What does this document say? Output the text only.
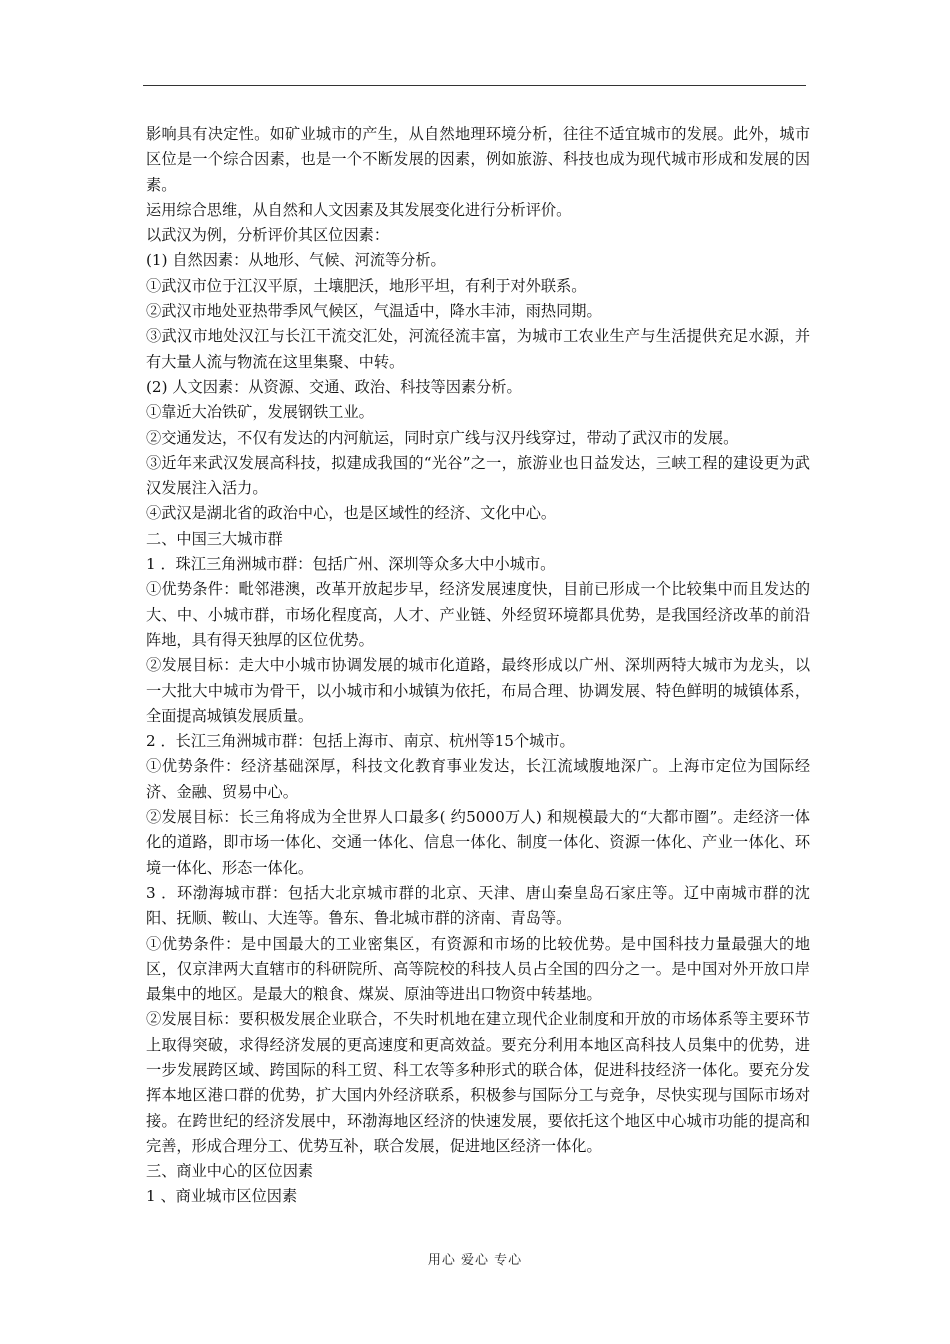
影响具有决定性。如矿业城市的产生，从自然地理环境分析，往往不适宜城市的发展。此外，城市区位是一个综合因素，也是一个不断发展的因素，例如旅游、科技也成为现代城市形成和发展的因素。

运用综合思维，从自然和人文因素及其发展变化进行分析评价。

以武汉为例，分析评价其区位因素：

(1) 自然因素：从地形、气候、河流等分析。

①武汉市位于江汉平原，土壤肥沃，地形平坦，有利于对外联系。

②武汉市地处亚热带季风气候区，气温适中，降水丰沛，雨热同期。

③武汉市地处汉江与长江干流交汇处，河流径流丰富，为城市工农业生产与生活提供充足水源，并有大量人流与物流在这里集聚、中转。

(2) 人文因素：从资源、交通、政治、科技等因素分析。

①靠近大冶铁矿，发展钢铁工业。

②交通发达，不仅有发达的内河航运，同时京广线与汉丹线穿过，带动了武汉市的发展。

③近年来武汉发展高科技，拟建成我国的“光谷”之一，旅游业也日益发达，三峡工程的建设更为武汉发展注入活力。

④武汉是湖北省的政治中心，也是区域性的经济、文化中心。

二、中国三大城市群

1 ．珠江三角洲城市群：包括广州、深圳等众多大中小城市。

①优势条件：毗邻港澳，改革开放起步早，经济发展速度快，目前已形成一个比较集中而且发达的大、中、小城市群，市场化程度高，人才、产业链、外经贸环境都具优势，是我国经济改革的前沿阵地，具有得天独厚的区位优势。

②发展目标：走大中小城市协调发展的城市化道路，最终形成以广州、深圳两特大城市为龙头，以一大批大中城市为骨干，以小城市和小城镇为依托，布局合理、协调发展、特色鲜明的城镇体系，全面提高城镇发展质量。

2 ．长江三角洲城市群：包括上海市、南京、杭州等15个城市。

①优势条件：经济基础深厚，科技文化教育事业发达，长江流域腹地深广。上海市定位为国际经济、金融、贸易中心。

②发展目标：长三角将成为全世界人口最多( 约5000万人) 和规模最大的“大都市圈”。走经济一体化的道路，即市场一体化、交通一体化、信息一体化、制度一体化、资源一体化、产业一体化、环境一体化、形态一体化。

3 ．环渤海城市群：包括大北京城市群的北京、天津、唐山秦皇岛石家庄等。辽中南城市群的沈阳、抚顺、鞍山、大连等。鲁东、鲁北城市群的济南、青岛等。

①优势条件：是中国最大的工业密集区，有资源和市场的比较优势。是中国科技力量最强大的地区，仅京津两大直辖市的科研院所、高等院校的科技人员占全国的四分之一。是中国对外开放口岸最集中的地区。是最大的粮食、煤炭、原油等进出口物资中转基地。

②发展目标：要积极发展企业联合，不失时机地在建立现代企业制度和开放的市场体系等主要环节上取得突破，求得经济发展的更高速度和更高效益。要充分利用本地区高科技人员集中的优势，进一步发展跨区域、跨国际的科工贸、科工农等多种形式的联合体，促进科技经济一体化。要充分发挥本地区港口群的优势，扩大国内外经济联系，积极参与国际分工与竞争，尽快实现与国际市场对接。在跨世纪的经济发展中，环渤海地区经济的快速发展，要依托这个地区中心城市功能的提高和完善，形成合理分工、优势互补，联合发展，促进地区经济一体化。

三、商业中心的区位因素

1 、商业城市区位因素

用心 爱心 专心
